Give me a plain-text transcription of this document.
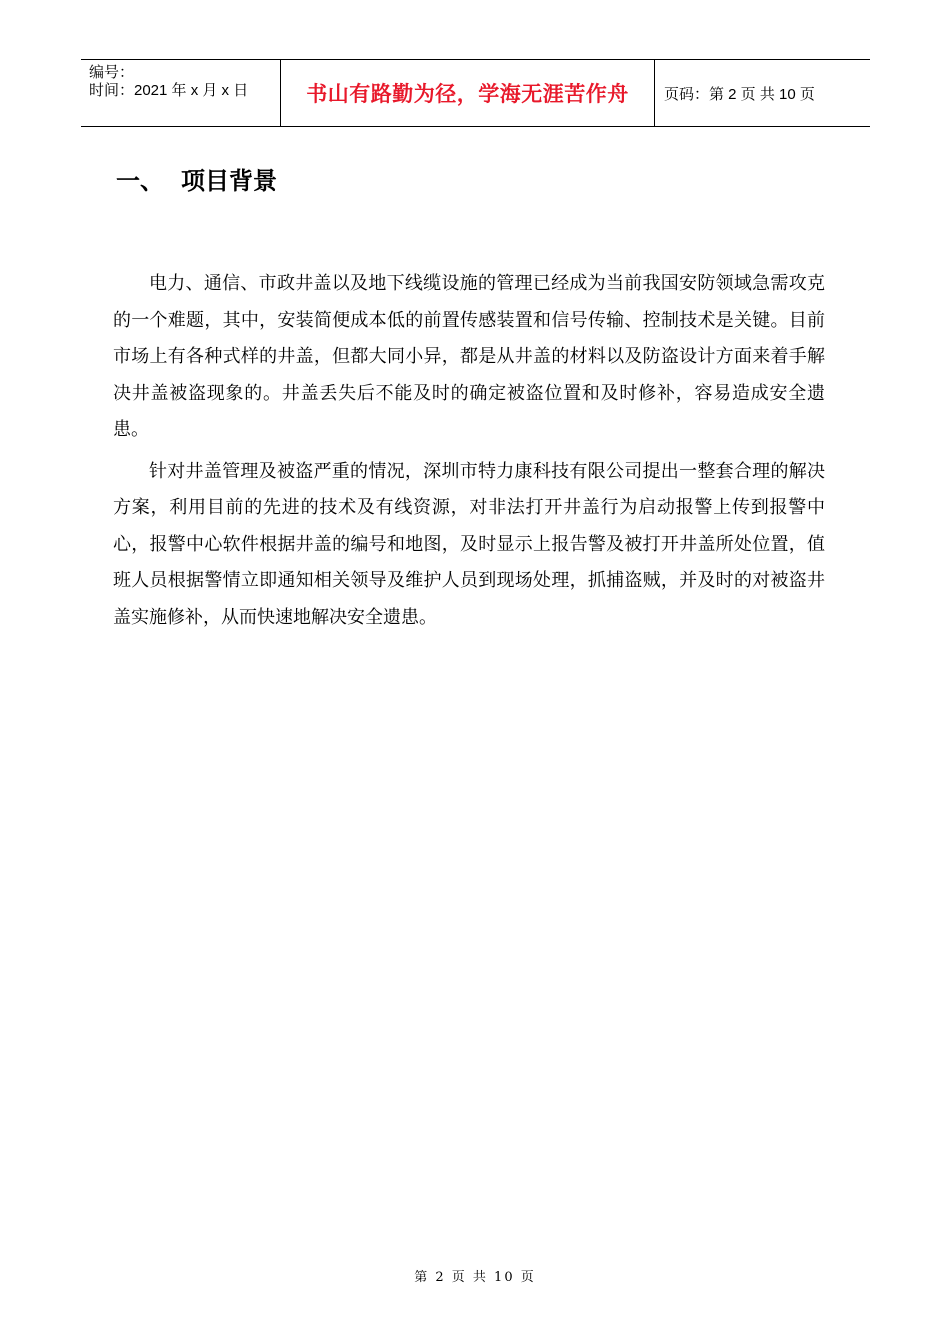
编号：
时间：2021 年 x 月 x 日	书山有路勤为径，学海无涯苦作舟 页码：第 2 页 共 10 页
一、 项目背景

电力、通信、市政井盖以及地下线缆设施的管理已经成为当前我国安防领域急需攻克的一个难题，其中，安装简便成本低的前置传感装置和信号传输、控制技术是关键。目前市场上有各种式样的井盖，但都大同小异，都是从井盖的材料以及防盗设计方面来着手解决井盖被盗现象的。井盖丢失后不能及时的确定被盗位置和及时修补，容易造成安全遗患。

针对井盖管理及被盗严重的情况，深圳市特力康科技有限公司提出一整套合理的解决方案，利用目前的先进的技术及有线资源，对非法打开井盖行为启动报警上传到报警中心，报警中心软件根据井盖的编号和地图，及时显示上报告警及被打开井盖所处位置，值班人员根据警情立即通知相关领导及维护人员到现场处理，抓捕盗贼，并及时的对被盗井盖实施修补，从而快速地解决安全遗患。

第 2 页 共 10 页
